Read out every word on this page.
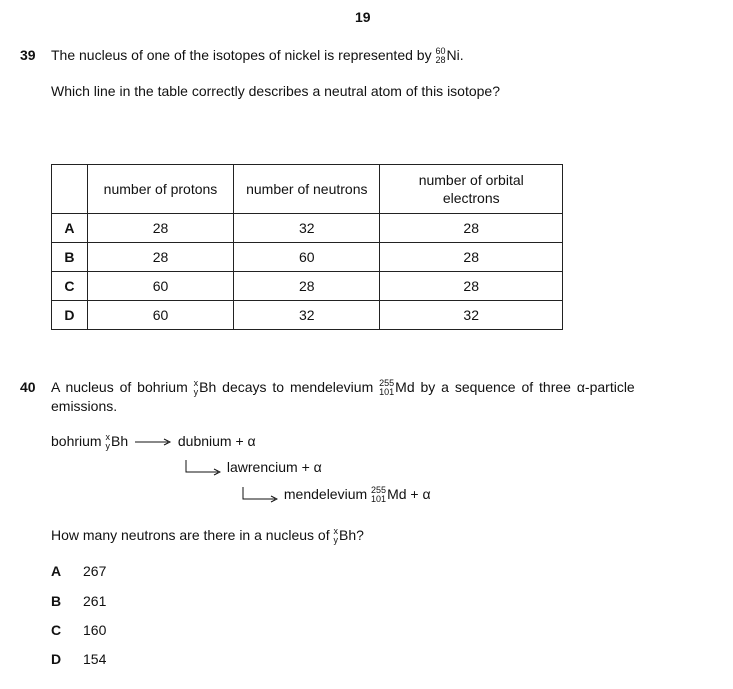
19
39 The nucleus of one of the isotopes of nickel is represented by 60
28 Ni.
Which line in the table correctly describes a neutral atom of this isotope?
	number of protons	number of neutrons	number of orbital electrons
A	28	32	28
B	28	60	28
C	60	28	28
D	60	32	32
40 A nucleus of bohrium x
y Bh decays to mendelevium 255
101 Md by a sequence of three α-particle
emissions.
bohrium x
y Bh	dubnium + α
lawrencium + α
mendelevium 255
101 Md + α
How many neutrons are there in a nucleus of x
y Bh?
A 267
B 261
C 160
D 154
